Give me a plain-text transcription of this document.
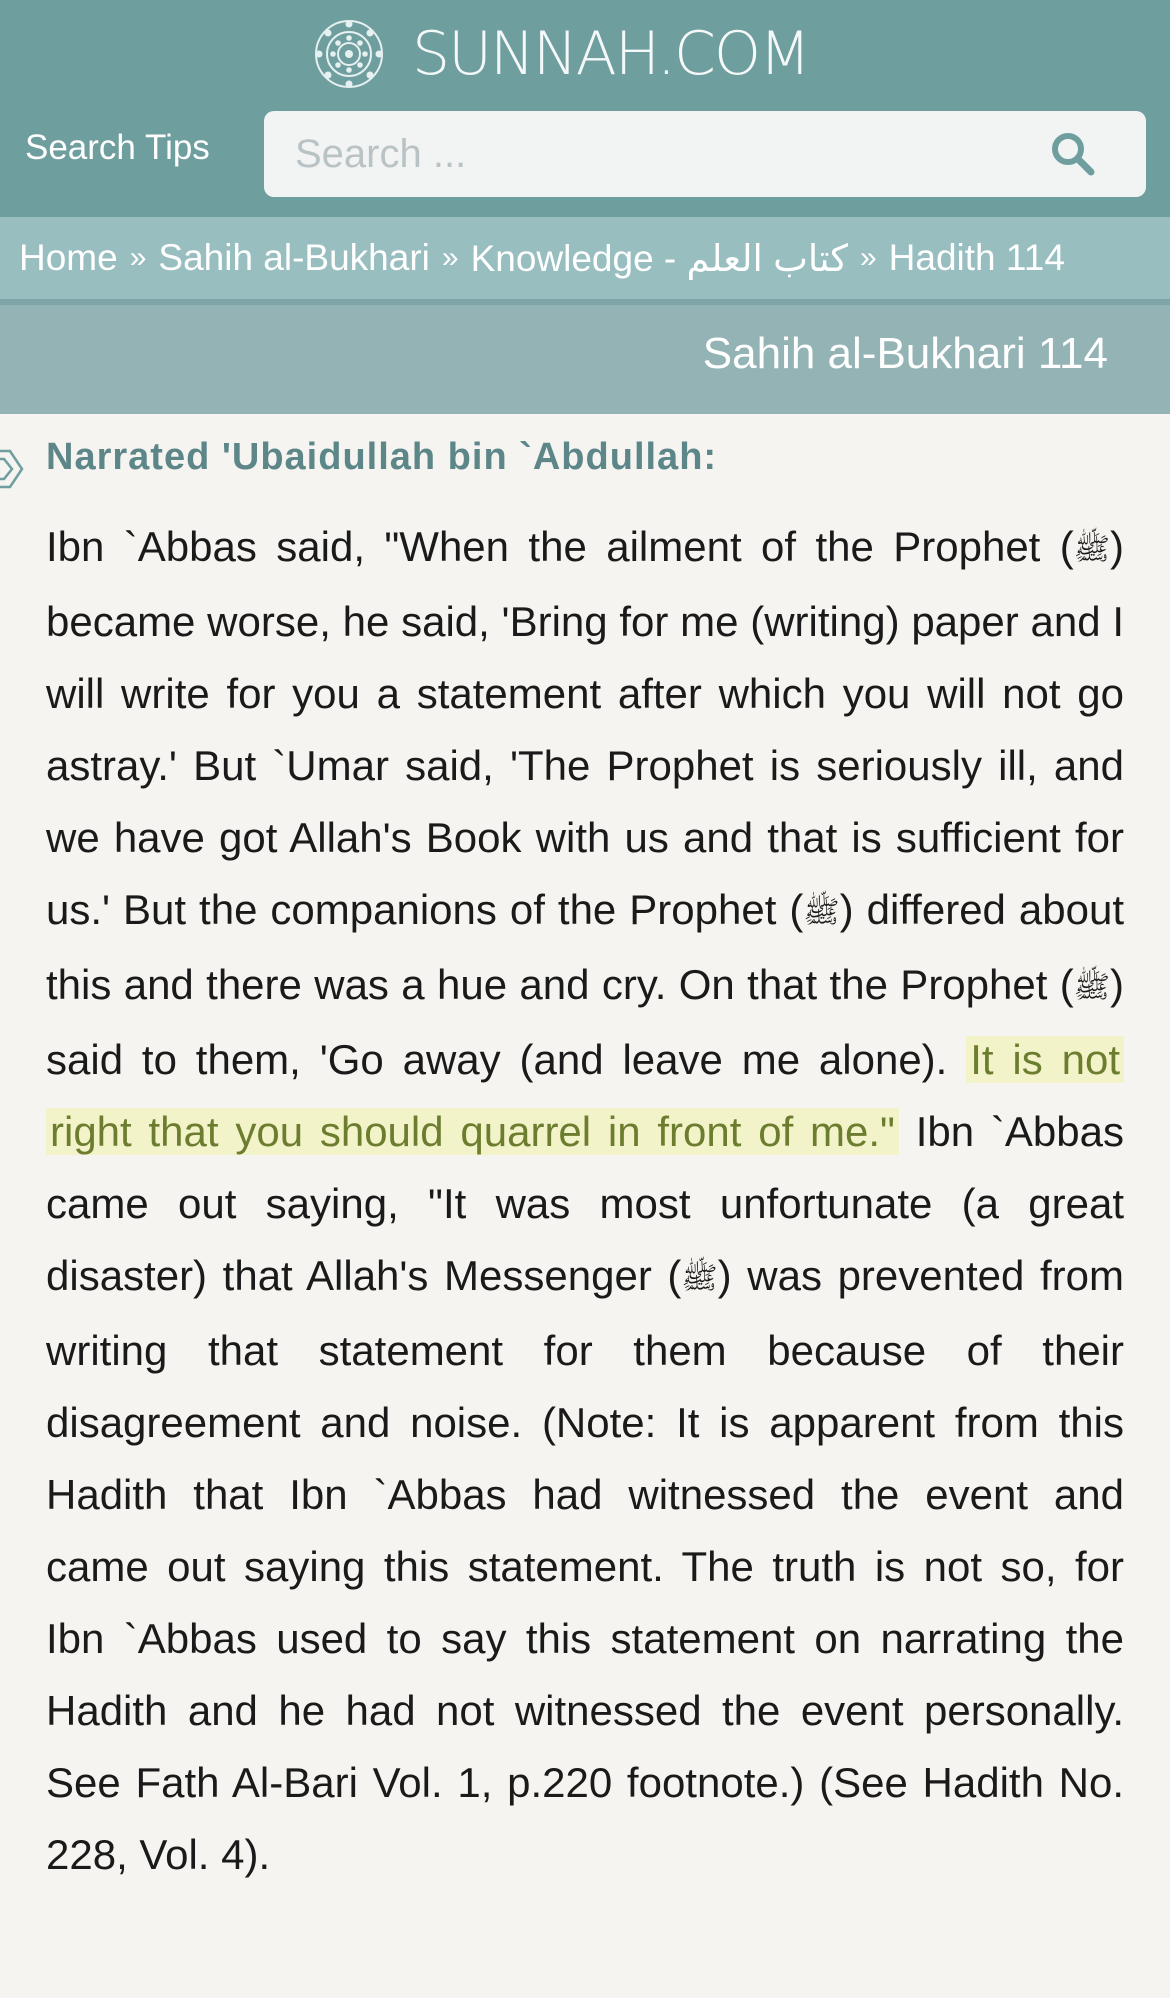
SUNNAH.COM
Search Tips
Search ...
Home » Sahih al-Bukhari » Knowledge - كتاب العلم » Hadith 114
Sahih al-Bukhari 114
Narrated 'Ubaidullah bin `Abdullah:

Ibn `Abbas said, "When the ailment of the Prophet (ﷺ) became worse, he said, 'Bring for me (writing) paper and I will write for you a statement after which you will not go astray.' But `Umar said, 'The Prophet is seriously ill, and we have got Allah's Book with us and that is sufficient for us.' But the companions of the Prophet (ﷺ) differed about this and there was a hue and cry. On that the Prophet (ﷺ) said to them, 'Go away (and leave me alone). It is not right that you should quarrel in front of me." Ibn `Abbas came out saying, "It was most unfortunate (a great disaster) that Allah's Messenger (ﷺ) was prevented from writing that statement for them because of their disagreement and noise. (Note: It is apparent from this Hadith that Ibn `Abbas had witnessed the event and came out saying this statement. The truth is not so, for Ibn `Abbas used to say this statement on narrating the Hadith and he had not witnessed the event personally. See Fath Al-Bari Vol. 1, p.220 footnote.) (See Hadith No. 228, Vol. 4).
